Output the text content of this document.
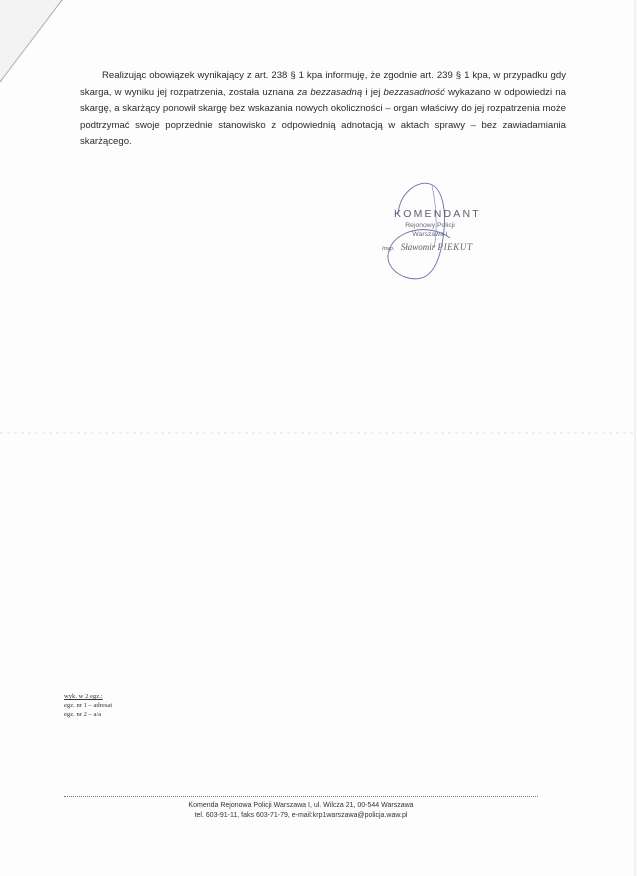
Realizując obowiązek wynikający z art. 238 § 1 kpa informuję, że zgodnie art. 239 § 1 kpa, w przypadku gdy skarga, w wyniku jej rozpatrzenia, została uznana za bezzasadną i jej bezzasadność wykazano w odpowiedzi na skargę, a skarżący ponowił skargę bez wskazania nowych okoliczności – organ właściwy do jej rozpatrzenia może podtrzymać swoje poprzednie stanowisko z odpowiednią adnotacją w aktach sprawy – bez zawiadamiania skarżącego.
KOMENDANT
Rejonowy Policji
Warszawa I
insp. Sławomir PIEKUT
wyk. w 2 egz.:
egz. nr 1 – adresat
egz. nr 2 – a/a
Komenda Rejonowa Policji Warszawa I, ul. Wilcza 21, 00-544 Warszawa
tel. 603-91-11, faks 603-71-79, e-mail:krp1warszawa@policja.waw.pl
